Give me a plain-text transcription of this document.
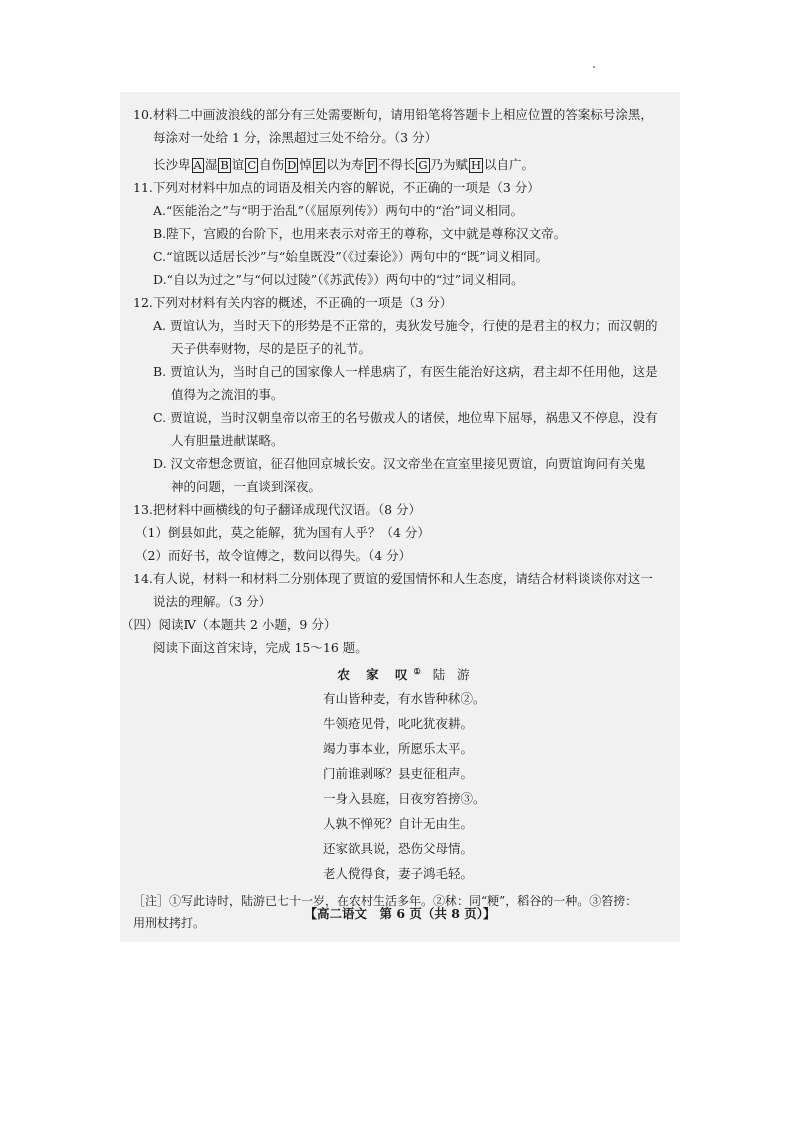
10.材料二中画波浪线的部分有三处需要断句，请用铅笔将答题卡上相应位置的答案标号涂黑，

每涂对一处给 1 分，涂黑超过三处不给分。（3 分）

长沙卑 A 湿 B 谊 C 自伤 D 悼 E 以为寿 F 不得长 G 乃为赋 H 以自广。

11.下列对材料中加点的词语及相关内容的解说，不正确的一项是（3 分）

A.“医能治之”与“明于治乱”（《屈原列传》）两句中的“治”词义相同。

B.陛下，宫殿的台阶下，也用来表示对帝王的尊称，文中就是尊称汉文帝。

C.“谊既以适居长沙”与“始皇既没”（《过秦论》）两句中的“既”词义相同。

D.“自以为过之”与“何以过陵”（《苏武传》）两句中的“过”词义相同。

12.下列对材料有关内容的概述，不正确的一项是（3 分）

A. 贾谊认为，当时天下的形势是不正常的，夷狄发号施令，行使的是君主的权力；而汉朝的

天子供奉财物，尽的是臣子的礼节。

B. 贾谊认为，当时自己的国家像人一样患病了，有医生能治好这病，君主却不任用他，这是

值得为之流泪的事。

C. 贾谊说，当时汉朝皇帝以帝王的名号傲戎人的诸侯，地位卑下屈辱，祸患又不停息，没有

人有胆量进献谋略。

D. 汉文帝想念贾谊，征召他回京城长安。汉文帝坐在宣室里接见贾谊，向贾谊询问有关鬼

神的问题，一直谈到深夜。

13.把材料中画横线的句子翻译成现代汉语。（8 分）

（1）倒县如此，莫之能解，犹为国有人乎？（4 分）

（2）而好书，故令谊傅之，数问以得失。（4 分）

14.有人说，材料一和材料二分别体现了贾谊的爱国情怀和人生态度，请结合材料谈谈你对这一

说法的理解。（3 分）

（四）阅读Ⅳ（本题共 2 小题，9 分）

阅读下面这首宋诗，完成 15～16 题。

农 家 叹① 陆 游

有山皆种麦，有水皆种秫②。

牛领疮见骨，叱叱犹夜耕。

竭力事本业，所愿乐太平。

门前谁剥啄？县吏征租声。

一身入县庭，日夜穷笞搒③。

人孰不惮死？自计无由生。

还家欲具说，恐伤父母情。

老人傥得食，妻子鸿毛轻。

［注］①写此诗时，陆游已七十一岁，在农村生活多年。②秫：同“粳”，稻谷的一种。③笞搒：

用刑杖拷打。

【高二语文　第 6 页（共 8 页）】
